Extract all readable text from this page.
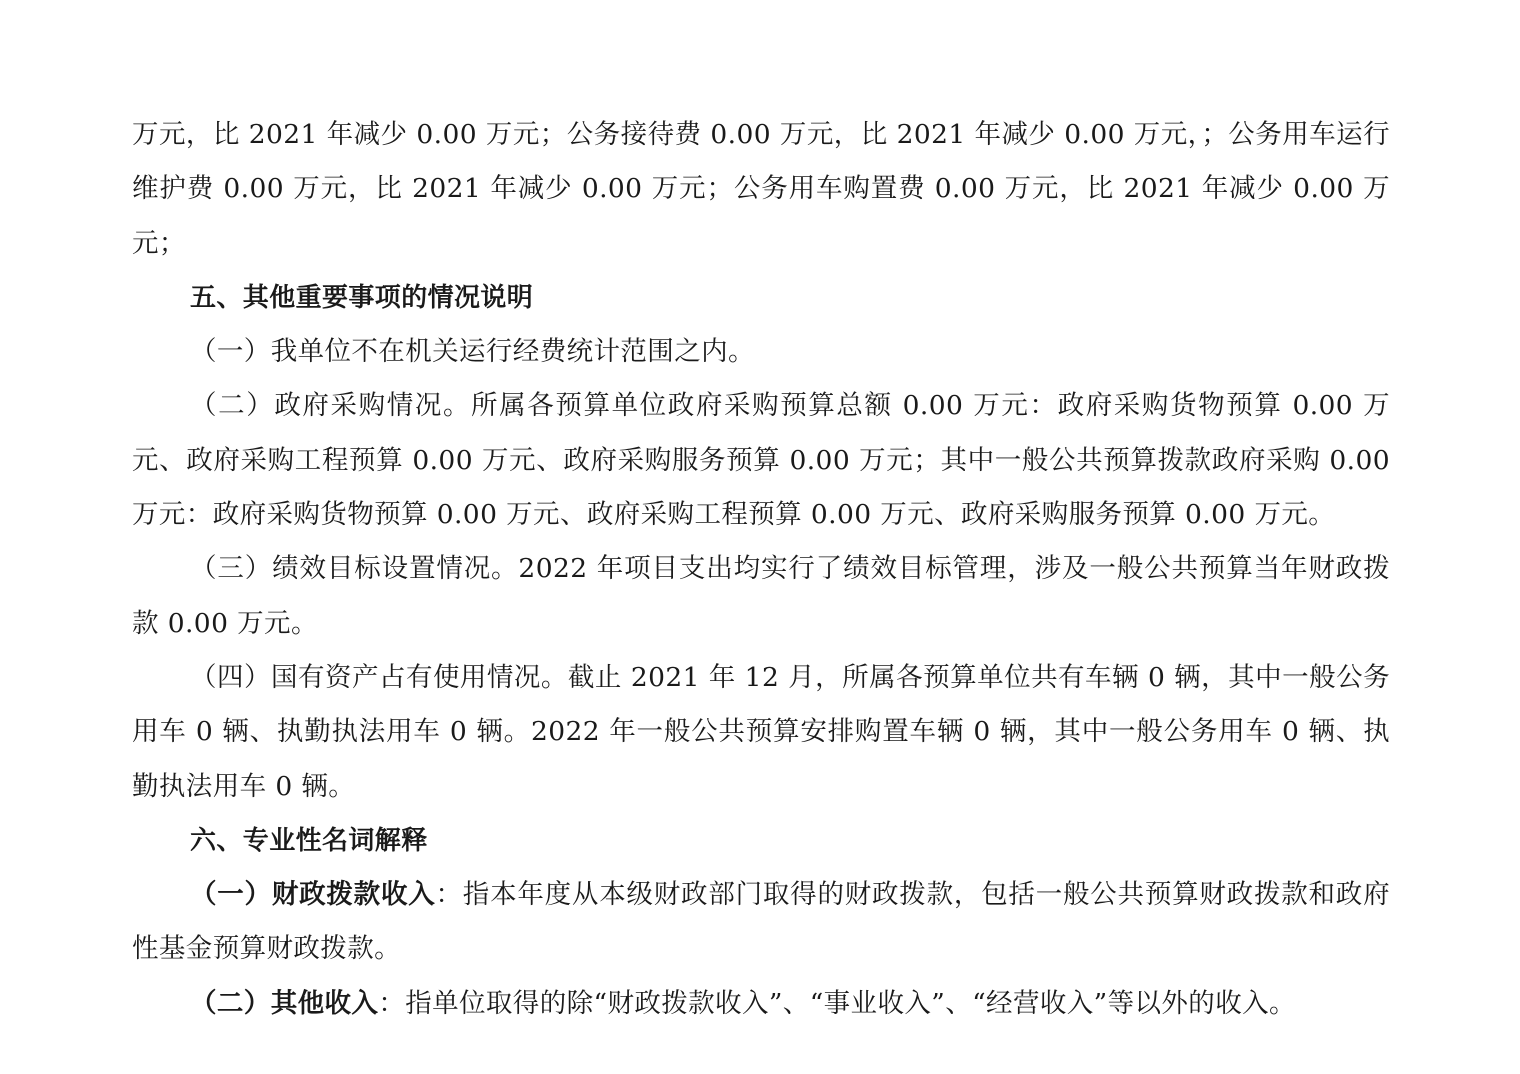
万元，比 2021 年减少 0.00 万元；公务接待费 0.00 万元，比 2021 年减少 0.00 万元，；公务用车运行维护费 0.00 万元，比 2021 年减少 0.00 万元；公务用车购置费 0.00 万元，比 2021 年减少 0.00 万元；

五、其他重要事项的情况说明

（一）我单位不在机关运行经费统计范围之内。

（二）政府采购情况。所属各预算单位政府采购预算总额 0.00 万元：政府采购货物预算 0.00 万元、政府采购工程预算 0.00 万元、政府采购服务预算 0.00 万元；其中一般公共预算拨款政府采购 0.00 万元：政府采购货物预算 0.00 万元、政府采购工程预算 0.00 万元、政府采购服务预算 0.00 万元。

（三）绩效目标设置情况。2022 年项目支出均实行了绩效目标管理，涉及一般公共预算当年财政拨款 0.00 万元。

（四）国有资产占有使用情况。截止 2021 年 12 月，所属各预算单位共有车辆 0 辆，其中一般公务用车 0 辆、执勤执法用车 0 辆。2022 年一般公共预算安排购置车辆 0 辆，其中一般公务用车 0 辆、执勤执法用车 0 辆。

六、专业性名词解释

（一）财政拨款收入：指本年度从本级财政部门取得的财政拨款，包括一般公共预算财政拨款和政府性基金预算财政拨款。

（二）其他收入：指单位取得的除“财政拨款收入”、“事业收入”、“经营收入”等以外的收入。
